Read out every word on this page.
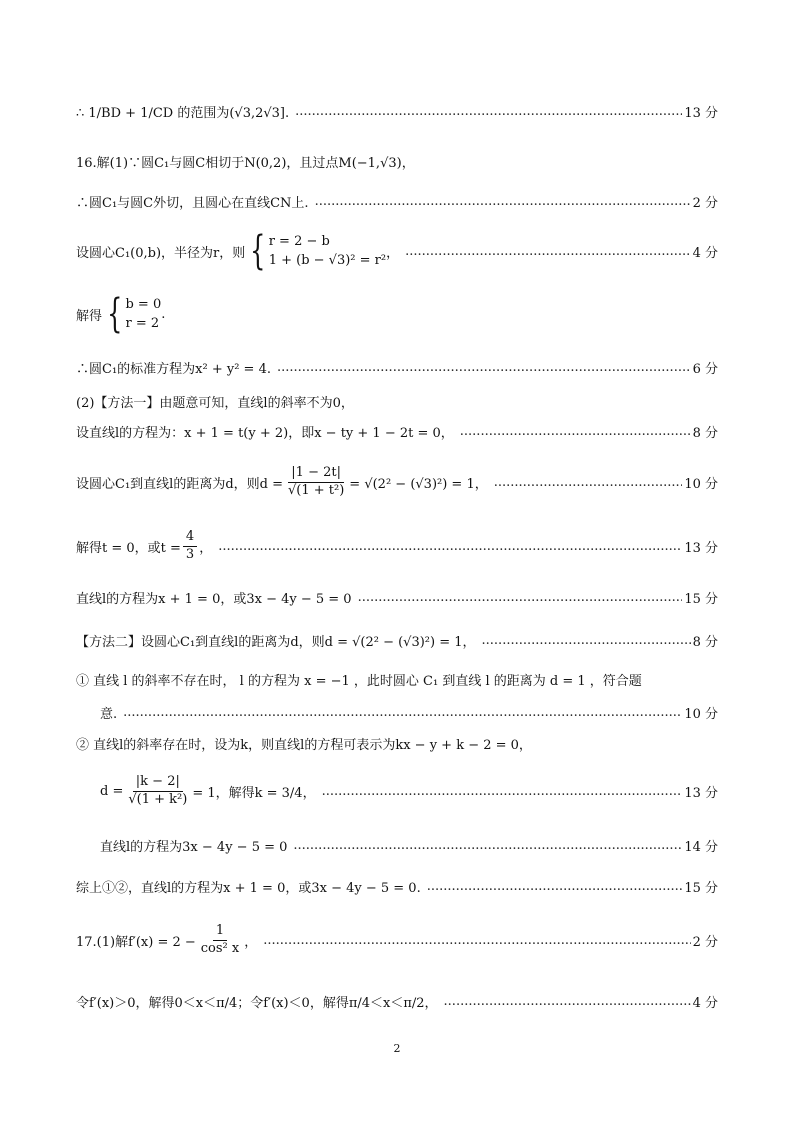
∴ 1/BD + 1/CD 的范围为(√3,2√3]. .....	13 分
16.解(1)∵圆C₁与圆C相切于N(0,2)，且过点M(−1,√3)，
∴圆C₁与圆C外切，且圆心在直线CN上. .....	2 分
设圆心C₁(0,b)，半径为r，则 { r = 2 − b
1 + (b − √3)² = r² ， .....	4 分
解得 { b = 0
r = 2
.
∴圆C₁的标准方程为x² + y² = 4. .....	6 分
(2)【方法一】由题意可知，直线l的斜率不为0，
设直线l的方程为：x + 1 = t(y + 2)，即x − ty + 1 − 2t = 0， .....	8 分
设圆心C₁到直线l的距离为d，则$d = \frac{|1 - 2t|}{\text{√(1 + t²)}} = √(2^2 - (√3)^2) = 1$， .....	10 分
解得t = 0，或$t = \frac{4}{3}$ ， .....	13 分
直线l的方程为x + 1 = 0，或3x − 4y − 5 = 0 .....	15 分
【方法二】设圆心C₁到直线l的距离为d，则d = √(2² − (√3)²) = 1， .....	8 分
① 直线 l 的斜率不存在时， l 的方程为 x = −1 ，此时圆心 C₁ 到直线 l 的距离为 d = 1 ，符合题
意. .....	10 分
② 直线l的斜率存在时，设为k，则直线l的方程可表示为kx − y + k − 2 = 0，
$d = \frac{|k - 2|}{\text{√(1 + k²)}} = 1$，解得k = 3/4， .....	13 分
直线l的方程为3x − 4y − 5 = 0 .....	14 分
综上①②，直线l的方程为x + 1 = 0，或3x − 4y − 5 = 0. .....	15 分
17.(1)解$f'(x) = 2 - \frac{1}{\text{cos² x}}$ ， .....	2 分
令f′(x)＞0，解得0＜x＜π/4；令f′(x)＜0，解得π/4＜x＜π/2， .....	4 分
2
